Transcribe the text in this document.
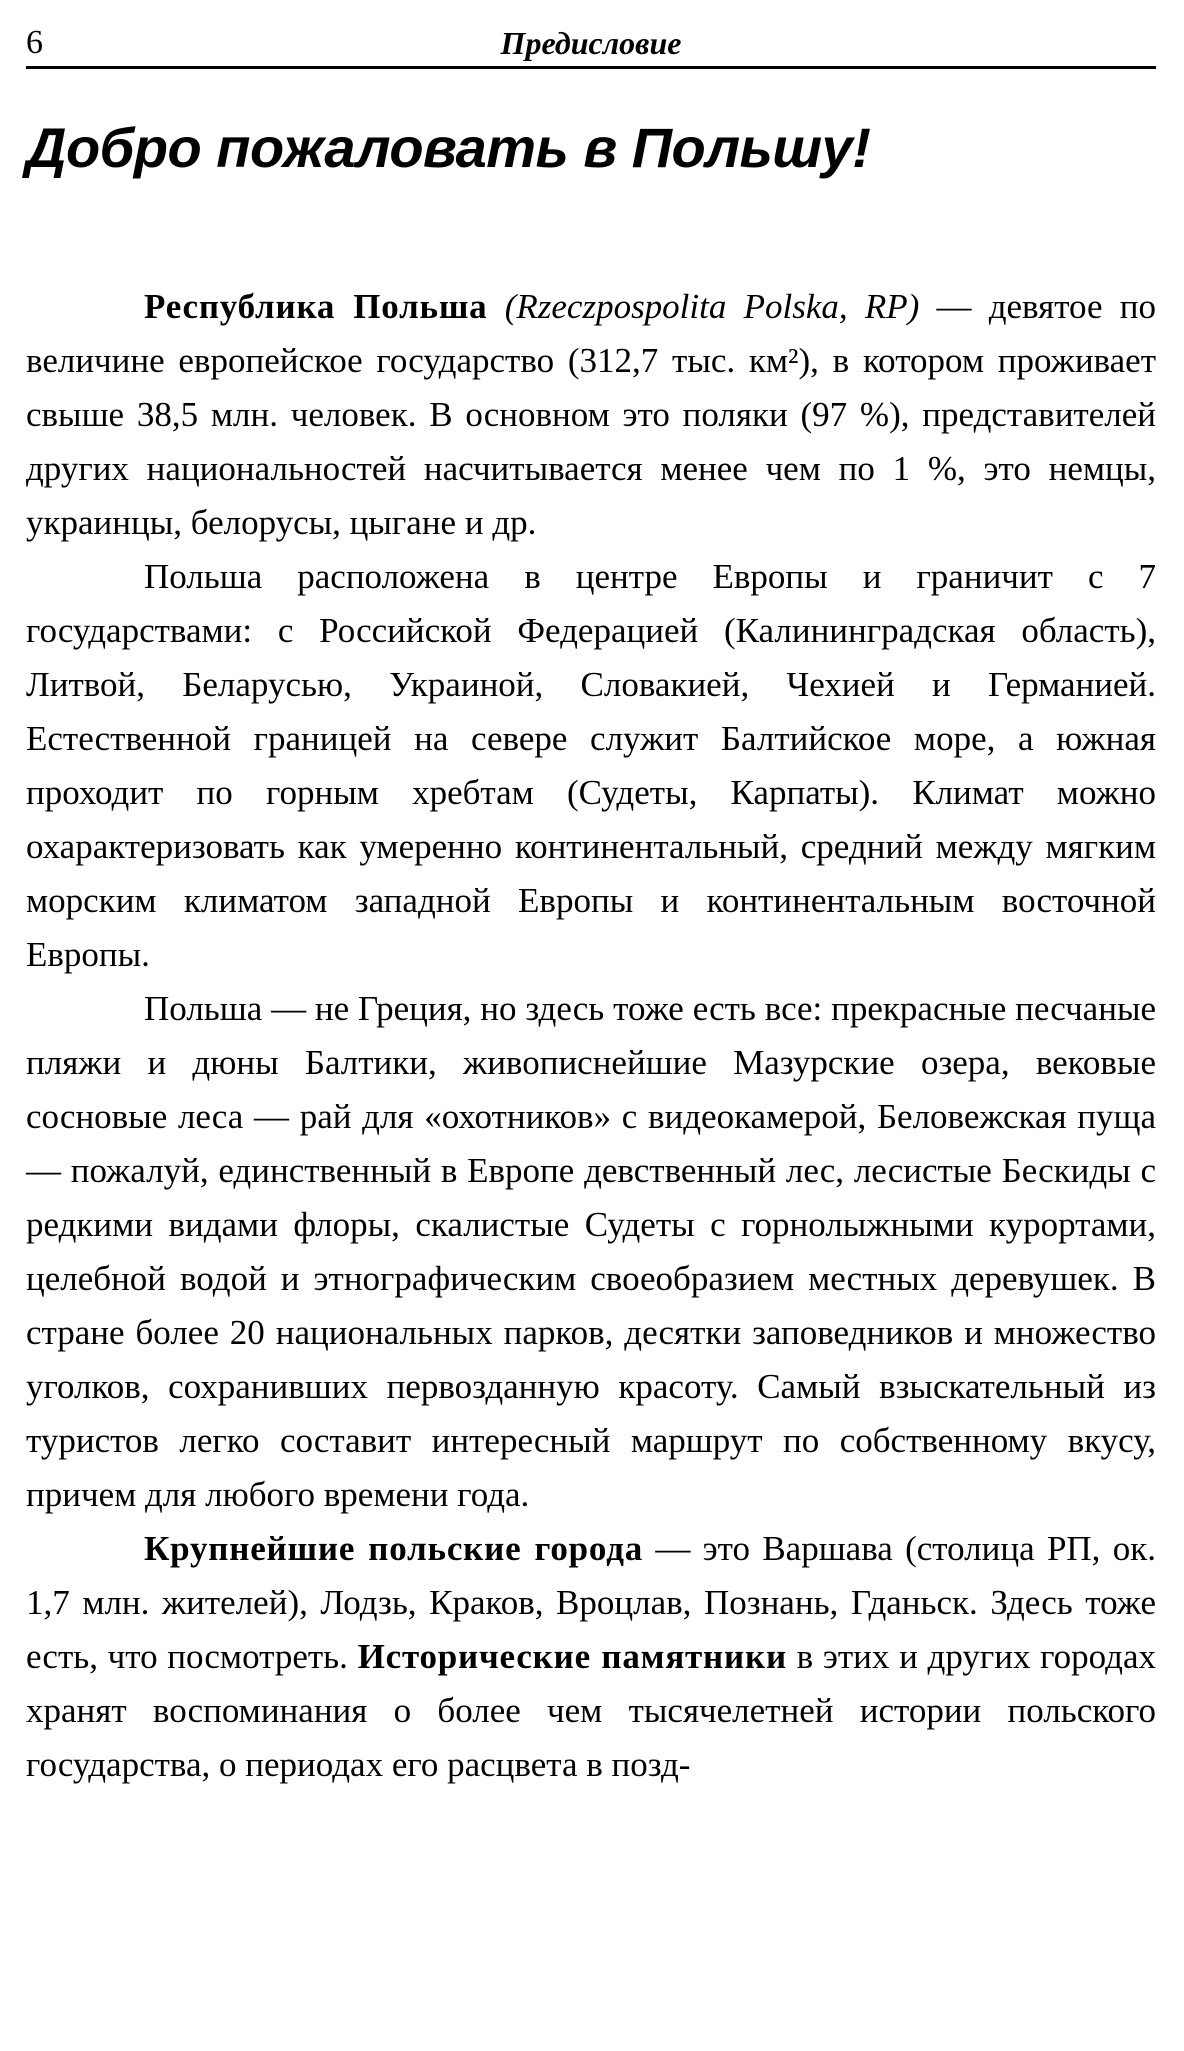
6	Предисловие
Добро пожаловать в Польшу!

Республика Польша (Rzeczpospolita Polska, RP) — девятое по величине европейское государство (312,7 тыс. км²), в котором проживает свыше 38,5 млн. человек. В основном это поляки (97 %), представителей других национальностей насчитывается менее чем по 1 %, это немцы, украинцы, белорусы, цыгане и др.

Польша расположена в центре Европы и граничит с 7 государствами: с Российской Федерацией (Калининградская область), Литвой, Беларусью, Украиной, Словакией, Чехией и Германией. Естественной границей на севере служит Балтийское море, а южная проходит по горным хребтам (Судеты, Карпаты). Климат можно охарактеризовать как умеренно континентальный, средний между мягким морским климатом западной Европы и континентальным восточной Европы.

Польша — не Греция, но здесь тоже есть все: прекрасные песчаные пляжи и дюны Балтики, живописнейшие Мазурские озера, вековые сосновые леса — рай для «охотников» с видеокамерой, Беловежская пуща — пожалуй, единственный в Европе девственный лес, лесистые Бескиды с редкими видами флоры, скалистые Судеты с горнолыжными курортами, целебной водой и этнографическим своеобразием местных деревушек. В стране более 20 национальных парков, десятки заповедников и множество уголков, сохранивших первозданную красоту. Самый взыскательный из туристов легко составит интересный маршрут по собственному вкусу, причем для любого времени года.

Крупнейшие польские города — это Варшава (столица РП, ок. 1,7 млн. жителей), Лодзь, Краков, Вроцлав, Познань, Гданьск. Здесь тоже есть, что посмотреть. Исторические памятники в этих и других городах хранят воспоминания о более чем тысячелетней истории польского государства, о периодах его расцвета в позд-
